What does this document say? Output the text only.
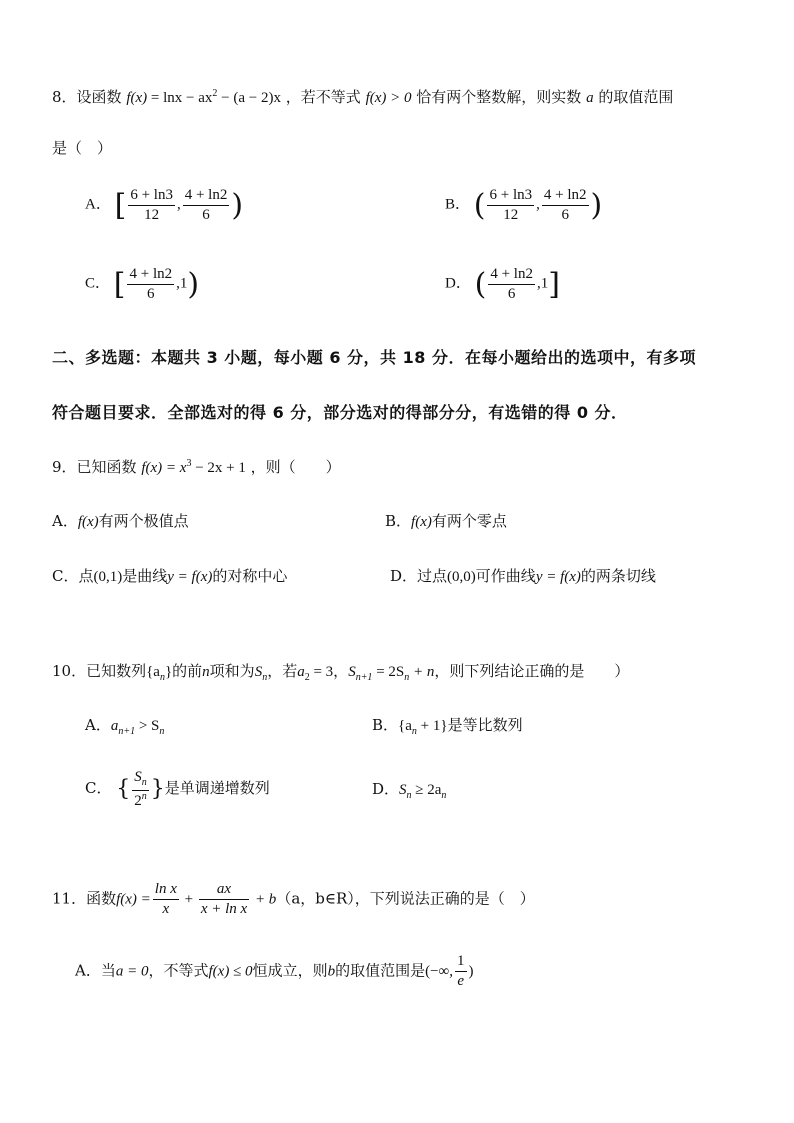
8．设函数 $f(x) = \ln x - ax^2 - (a - 2)x$ ，若不等式 f(x) > 0 恰有两个整数解，则实数 a 的取值范围
是（　）
A． [ $\frac{6 + \ln 3}{12}$ , $\frac{4 + \ln 2}{6}$ )	B． ( $\frac{6 + \ln 3}{12}$ , $\frac{4 + \ln 2}{6}$ )
C． [ $\frac{4 + \ln 2}{6} ,1$)	D． ( $\frac{4 + \ln 2}{6} ,1$]
二、多选题：本题共 3 小题，每小题 6 分，共 18 分．在每小题给出的选项中，有多项
符合题目要求．全部选对的得 6 分，部分选对的得部分分，有选错的得 0 分．
9．已知函数 $f(x) = x^3 - 2x + 1$ ，则（　　）
A．f(x)有两个极值点	B．f(x)有两个零点
C．点(0,1)是曲线y = f(x)的对称中心	D．过点(0,0)可作曲线y = f(x)的两条切线
10．已知数列$\{a_n\}$的前n项和为$S_n$，若$a_2 = 3$，$S_{n+1} = 2S_n + n$，则下列结论正确的是　　）
A．$a_{n+1} > S_n$	B．$\{a_n + 1\}$是等比数列
C． { $\frac{S_n}{2^n}$ }是单调递增数列	D．$S_n \ge 2a_n$
11．函数$f(x) = \frac{\text{ln x}}{x} + \frac{ax}{\text{x + ln x}} + b(a$，b∈R），下列说法正确的是（　）
A．当a = 0，不等式f(x) ≤ 0恒成立，则b的取值范围是(−∞, $\frac{1}{e}$ )
